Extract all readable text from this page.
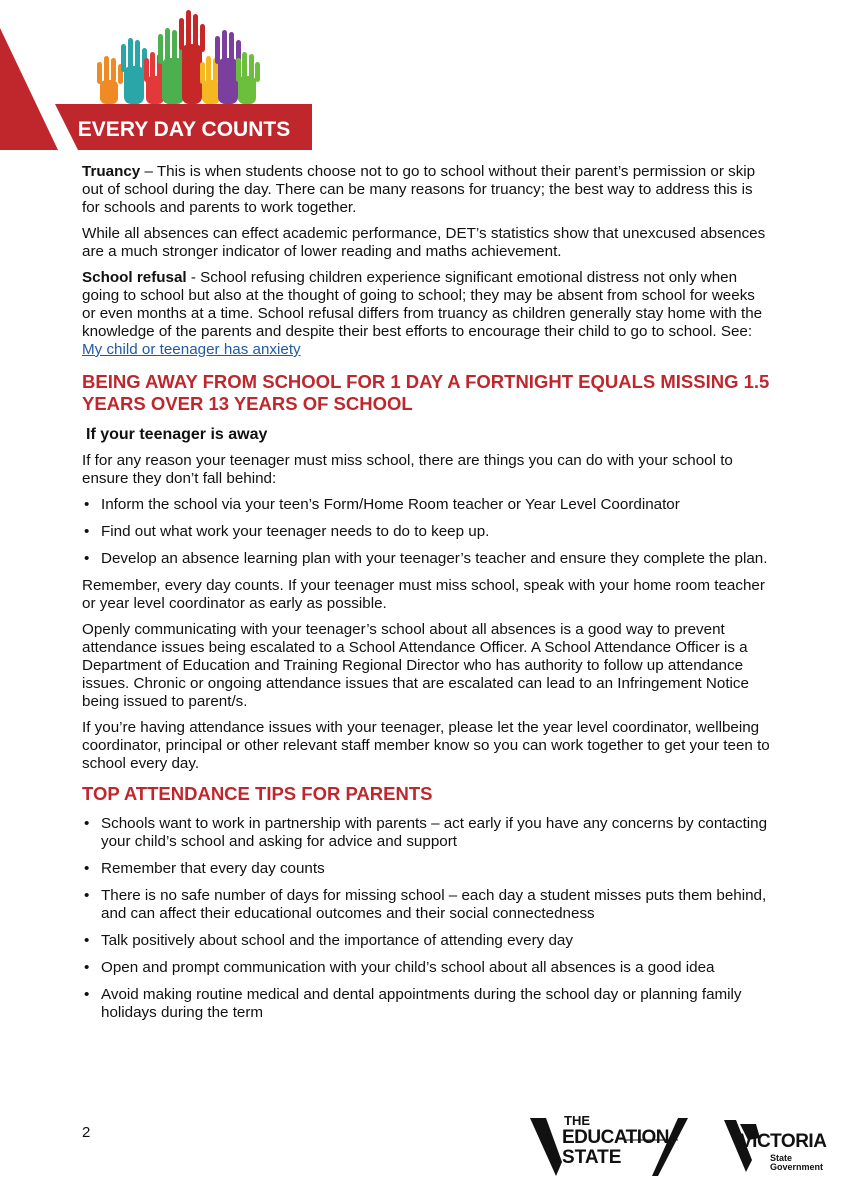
EVERY DAY COUNTS

Truancy – This is when students choose not to go to school without their parent’s permission or skip out of school during the day. There can be many reasons for truancy; the best way to address this is for schools and parents to work together.

While all absences can effect academic performance, DET’s statistics show that unexcused absences are a much stronger indicator of lower reading and maths achievement.

School refusal - School refusing children experience significant emotional distress not only when going to school but also at the thought of going to school; they may be absent from school for weeks or even months at a time. School refusal differs from truancy as children generally stay home with the knowledge of the parents and despite their best efforts to encourage their child to go to school. See: My child or teenager has anxiety

BEING AWAY FROM SCHOOL FOR 1 DAY A FORTNIGHT EQUALS MISSING 1.5 YEARS OVER 13 YEARS OF SCHOOL
If your teenager is away

If for any reason your teenager must miss school, there are things you can do with your school to ensure they don’t fall behind:

• Inform the school via your teen’s Form/Home Room teacher or Year Level Coordinator
• Find out what work your teenager needs to do to keep up.
• Develop an absence learning plan with your teenager’s teacher and ensure they complete the plan.

Remember, every day counts. If your teenager must miss school, speak with your home room teacher or year level coordinator as early as possible.

Openly communicating with your teenager’s school about all absences is a good way to prevent attendance issues being escalated to a School Attendance Officer. A School Attendance Officer is a Department of Education and Training Regional Director who has authority to follow up attendance issues. Chronic or ongoing attendance issues that are escalated can lead to an Infringement Notice being issued to parent/s.

If you’re having attendance issues with your teenager, please let the year level coordinator, wellbeing coordinator, principal or other relevant staff member know so you can work together to get your teen to school every day.

TOP ATTENDANCE TIPS FOR PARENTS
• Schools want to work in partnership with parents – act early if you have any concerns by contacting your child’s school and asking for advice and support
• Remember that every day counts
• There is no safe number of days for missing school – each day a student misses puts them behind, and can affect their educational outcomes and their social connectedness
• Talk positively about school and the importance of attending every day
• Open and prompt communication with your child’s school about all absences is a good idea
• Avoid making routine medical and dental appointments during the school day or planning family holidays during the term
2
THE
EDUCATION
STATE
VICTORIA
State
Government
